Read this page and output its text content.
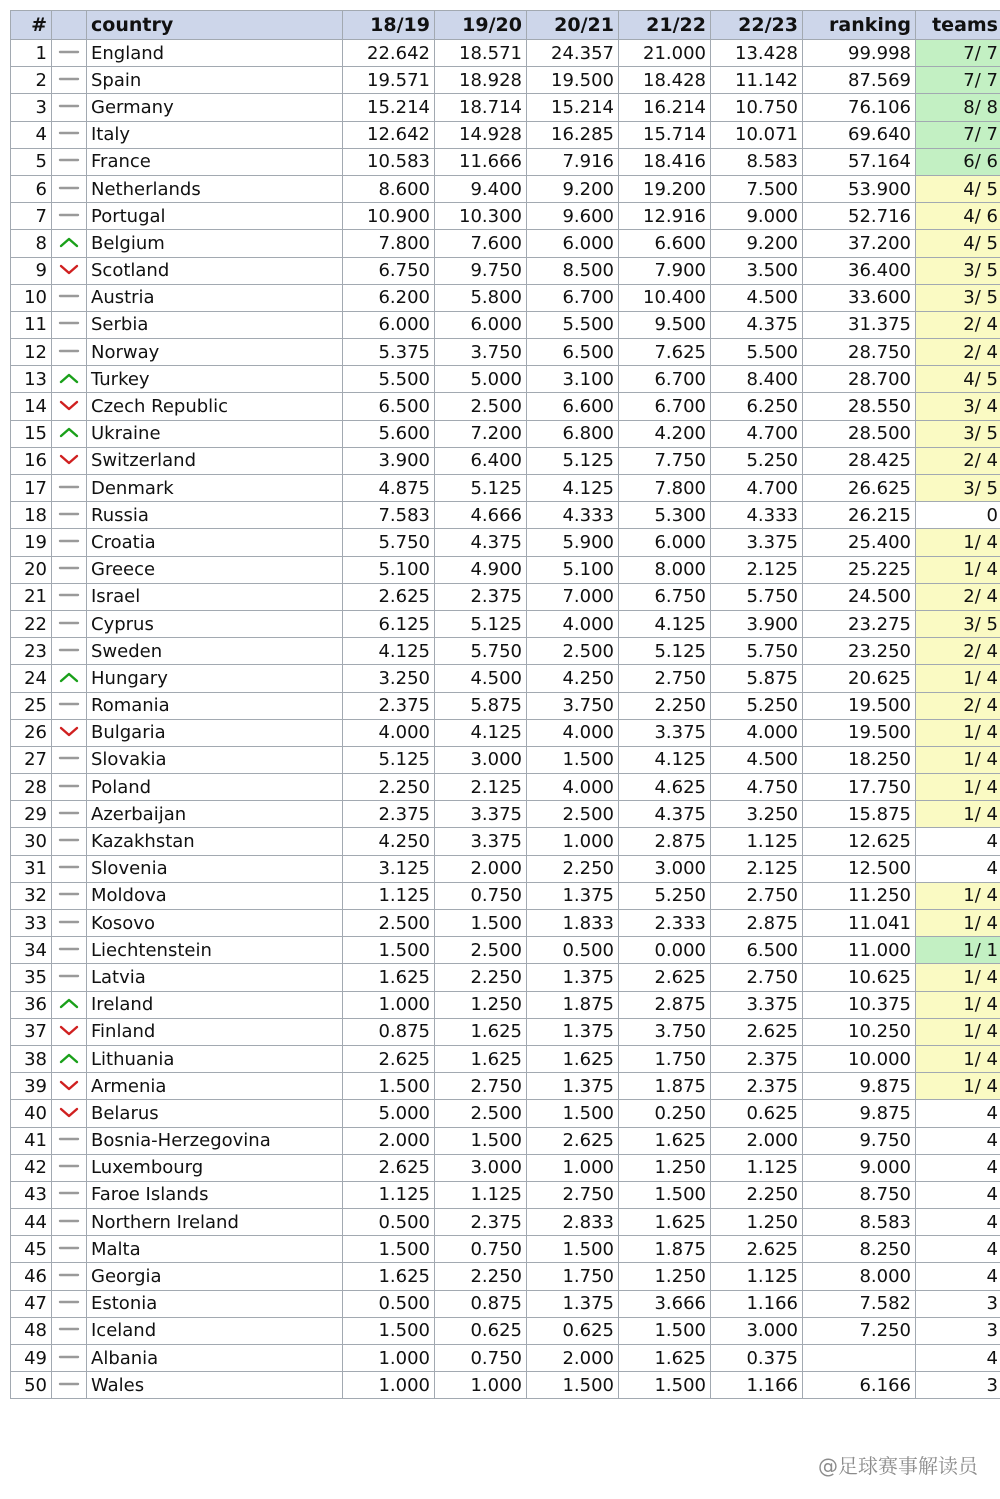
#		country	18/19	19/20	20/21	21/22	22/23	ranking	teams
1		England	22.642	18.571	24.357	21.000	13.428	99.998	7/ 7
2		Spain	19.571	18.928	19.500	18.428	11.142	87.569	7/ 7
3		Germany	15.214	18.714	15.214	16.214	10.750	76.106	8/ 8
4		Italy	12.642	14.928	16.285	15.714	10.071	69.640	7/ 7
5		France	10.583	11.666	7.916	18.416	8.583	57.164	6/ 6
6		Netherlands	8.600	9.400	9.200	19.200	7.500	53.900	4/ 5
7		Portugal	10.900	10.300	9.600	12.916	9.000	52.716	4/ 6
8		Belgium	7.800	7.600	6.000	6.600	9.200	37.200	4/ 5
9		Scotland	6.750	9.750	8.500	7.900	3.500	36.400	3/ 5
10		Austria	6.200	5.800	6.700	10.400	4.500	33.600	3/ 5
11		Serbia	6.000	6.000	5.500	9.500	4.375	31.375	2/ 4
12		Norway	5.375	3.750	6.500	7.625	5.500	28.750	2/ 4
13		Turkey	5.500	5.000	3.100	6.700	8.400	28.700	4/ 5
14		Czech Republic	6.500	2.500	6.600	6.700	6.250	28.550	3/ 4
15		Ukraine	5.600	7.200	6.800	4.200	4.700	28.500	3/ 5
16		Switzerland	3.900	6.400	5.125	7.750	5.250	28.425	2/ 4
17		Denmark	4.875	5.125	4.125	7.800	4.700	26.625	3/ 5
18		Russia	7.583	4.666	4.333	5.300	4.333	26.215	0
19		Croatia	5.750	4.375	5.900	6.000	3.375	25.400	1/ 4
20		Greece	5.100	4.900	5.100	8.000	2.125	25.225	1/ 4
21		Israel	2.625	2.375	7.000	6.750	5.750	24.500	2/ 4
22		Cyprus	6.125	5.125	4.000	4.125	3.900	23.275	3/ 5
23		Sweden	4.125	5.750	2.500	5.125	5.750	23.250	2/ 4
24		Hungary	3.250	4.500	4.250	2.750	5.875	20.625	1/ 4
25		Romania	2.375	5.875	3.750	2.250	5.250	19.500	2/ 4
26		Bulgaria	4.000	4.125	4.000	3.375	4.000	19.500	1/ 4
27		Slovakia	5.125	3.000	1.500	4.125	4.500	18.250	1/ 4
28		Poland	2.250	2.125	4.000	4.625	4.750	17.750	1/ 4
29		Azerbaijan	2.375	3.375	2.500	4.375	3.250	15.875	1/ 4
30		Kazakhstan	4.250	3.375	1.000	2.875	1.125	12.625	4
31		Slovenia	3.125	2.000	2.250	3.000	2.125	12.500	4
32		Moldova	1.125	0.750	1.375	5.250	2.750	11.250	1/ 4
33		Kosovo	2.500	1.500	1.833	2.333	2.875	11.041	1/ 4
34		Liechtenstein	1.500	2.500	0.500	0.000	6.500	11.000	1/ 1
35		Latvia	1.625	2.250	1.375	2.625	2.750	10.625	1/ 4
36		Ireland	1.000	1.250	1.875	2.875	3.375	10.375	1/ 4
37		Finland	0.875	1.625	1.375	3.750	2.625	10.250	1/ 4
38		Lithuania	2.625	1.625	1.625	1.750	2.375	10.000	1/ 4
39		Armenia	1.500	2.750	1.375	1.875	2.375	9.875	1/ 4
40		Belarus	5.000	2.500	1.500	0.250	0.625	9.875	4
41		Bosnia-Herzegovina	2.000	1.500	2.625	1.625	2.000	9.750	4
42		Luxembourg	2.625	3.000	1.000	1.250	1.125	9.000	4
43		Faroe Islands	1.125	1.125	2.750	1.500	2.250	8.750	4
44		Northern Ireland	0.500	2.375	2.833	1.625	1.250	8.583	4
45		Malta	1.500	0.750	1.500	1.875	2.625	8.250	4
46		Georgia	1.625	2.250	1.750	1.250	1.125	8.000	4
47		Estonia	0.500	0.875	1.375	3.666	1.166	7.582	3
48		Iceland	1.500	0.625	0.625	1.500	3.000	7.250	3
49		Albania	1.000	0.750	2.000	1.625	0.375		4
50		Wales	1.000	1.000	1.500	1.500	1.166	6.166	3
@足球赛事解读员
